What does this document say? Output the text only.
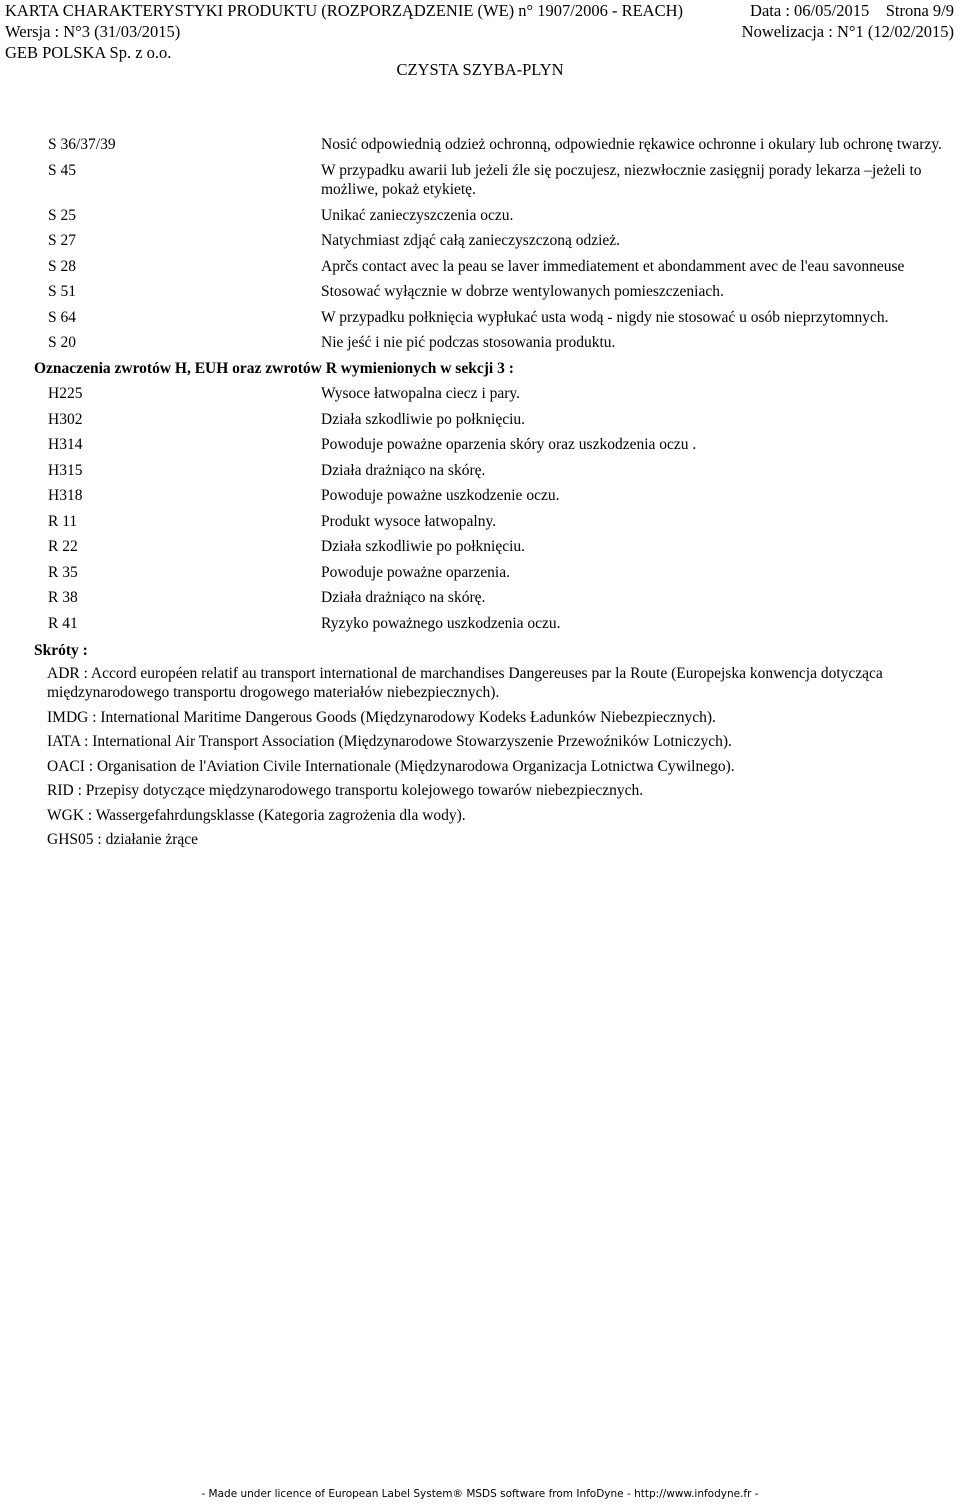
KARTA CHARAKTERYSTYKI PRODUKTU (ROZPORZĄDZENIE (WE) n° 1907/2006 - REACH)	Data : 06/05/2015 Strona 9/9
Wersja : N°3 (31/03/2015)	Nowelizacja : N°1 (12/02/2015)
GEB POLSKA Sp. z o.o.
CZYSTA SZYBA-PLYN
S 36/37/39	Nosić odpowiednią odzież ochronną, odpowiednie rękawice ochronne i okulary lub ochronę twarzy.
S 45	W przypadku awarii lub jeżeli źle się poczujesz, niezwłocznie zasięgnij porady lekarza –jeżeli to możliwe, pokaż etykietę.
S 25	Unikać zanieczyszczenia oczu.
S 27	Natychmiast zdjąć całą zanieczyszczoną odzież.
S 28	Aprčs contact avec la peau se laver immediatement et abondamment avec de l'eau savonneuse
S 51	Stosować wyłącznie w dobrze wentylowanych pomieszczeniach.
S 64	W przypadku połknięcia wypłukać usta wodą - nigdy nie stosować u osób nieprzytomnych.
S 20	Nie jeść i nie pić podczas stosowania produktu.
Oznaczenia zwrotów H, EUH oraz zwrotów R wymienionych w sekcji 3 :
H225	Wysoce łatwopalna ciecz i pary.
H302	Działa szkodliwie po połknięciu.
H314	Powoduje poważne oparzenia skóry oraz uszkodzenia oczu .
H315	Działa drażniąco na skórę.
H318	Powoduje poważne uszkodzenie oczu.
R 11	Produkt wysoce łatwopalny.
R 22	Działa szkodliwie po połknięciu.
R 35	Powoduje poważne oparzenia.
R 38	Działa drażniąco na skórę.
R 41	Ryzyko poważnego uszkodzenia oczu.
Skróty :
ADR : Accord européen relatif au transport international de marchandises Dangereuses par la Route (Europejska konwencja dotycząca międzynarodowego transportu drogowego materiałów niebezpiecznych).
IMDG : International Maritime Dangerous Goods (Międzynarodowy Kodeks Ładunków Niebezpiecznych).
IATA : International Air Transport Association (Międzynarodowe Stowarzyszenie Przewoźników Lotniczych).
OACI : Organisation de l'Aviation Civile Internationale (Międzynarodowa Organizacja Lotnictwa Cywilnego).
RID : Przepisy dotyczące międzynarodowego transportu kolejowego towarów niebezpiecznych.
WGK : Wassergefahrdungsklasse (Kategoria zagrożenia dla wody).
GHS05 : działanie żrące
- Made under licence of European Label System® MSDS software from InfoDyne - http://www.infodyne.fr -
